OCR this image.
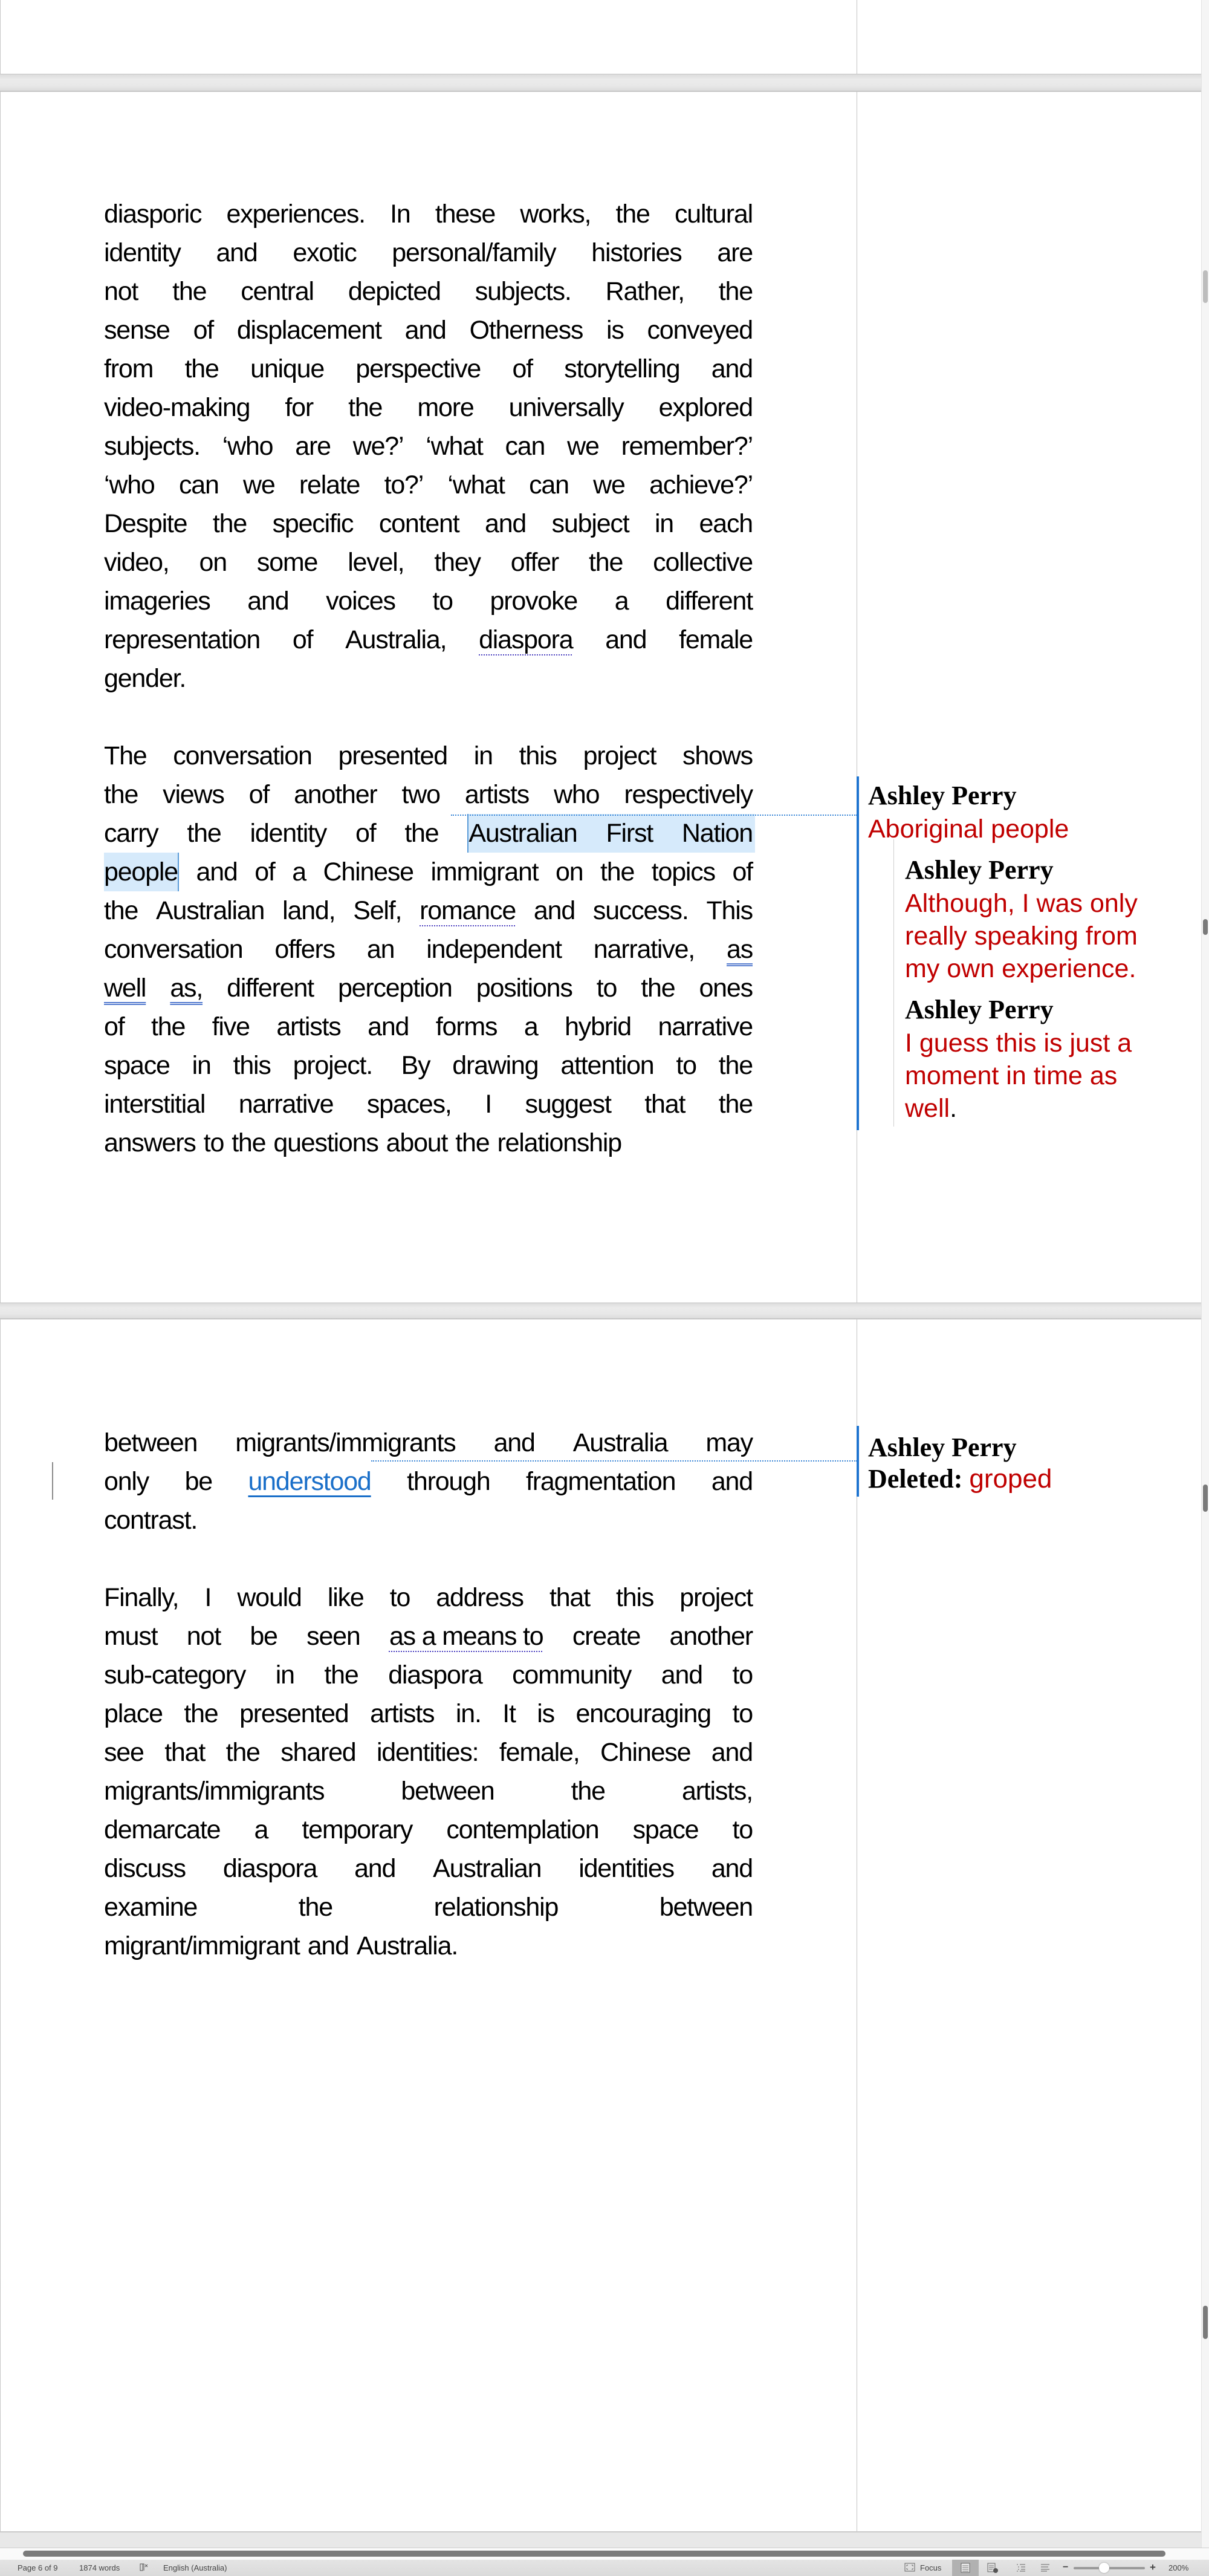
diasporic experiences. In these works, the cultural
identity and exotic personal/family histories are
not the central depicted subjects. Rather, the
sense of displacement and Otherness is conveyed
from the unique perspective of storytelling and
video-making for the more universally explored
subjects. ‘who are we?’ ‘what can we remember?’
‘who can we relate to?’ ‘what can we achieve?’
Despite the specific content and subject in each
video, on some level, they offer the collective
imageries and voices to provoke a different
representation of Australia, diaspora and female
gender.
The conversation presented in this project shows
the views of another two artists who respectively
carry the identity of the Australian First Nation
people and of a Chinese immigrant on the topics of
the Australian land, Self, romance and success. This
conversation offers an independent narrative, as
well as, different perception positions to the ones
of the five artists and forms a hybrid narrative
space in this project. By drawing attention to the
interstitial narrative spaces, I suggest that the
answers to the questions about the relationship
Ashley Perry
Aboriginal people
Ashley Perry
Although, I was only
really speaking from
my own experience.
Ashley Perry
I guess this is just a
moment in time as
well.
between migrants/immigrants and Australia may
only be understood through fragmentation and
contrast.
Finally, I would like to address that this project
must not be seen as a means to create another
sub-category in the diaspora community and to
place the presented artists in. It is encouraging to
see that the shared identities: female, Chinese and
migrants/immigrants	between	the	artists,
demarcate a temporary contemplation space to
discuss diaspora and Australian identities and
examine	the	relationship	between
migrant/immigrant and Australia.
Ashley Perry
Deleted: groped
Page 6 of 9	1874 words	English (Australia)	Focus	−	+ 200%
